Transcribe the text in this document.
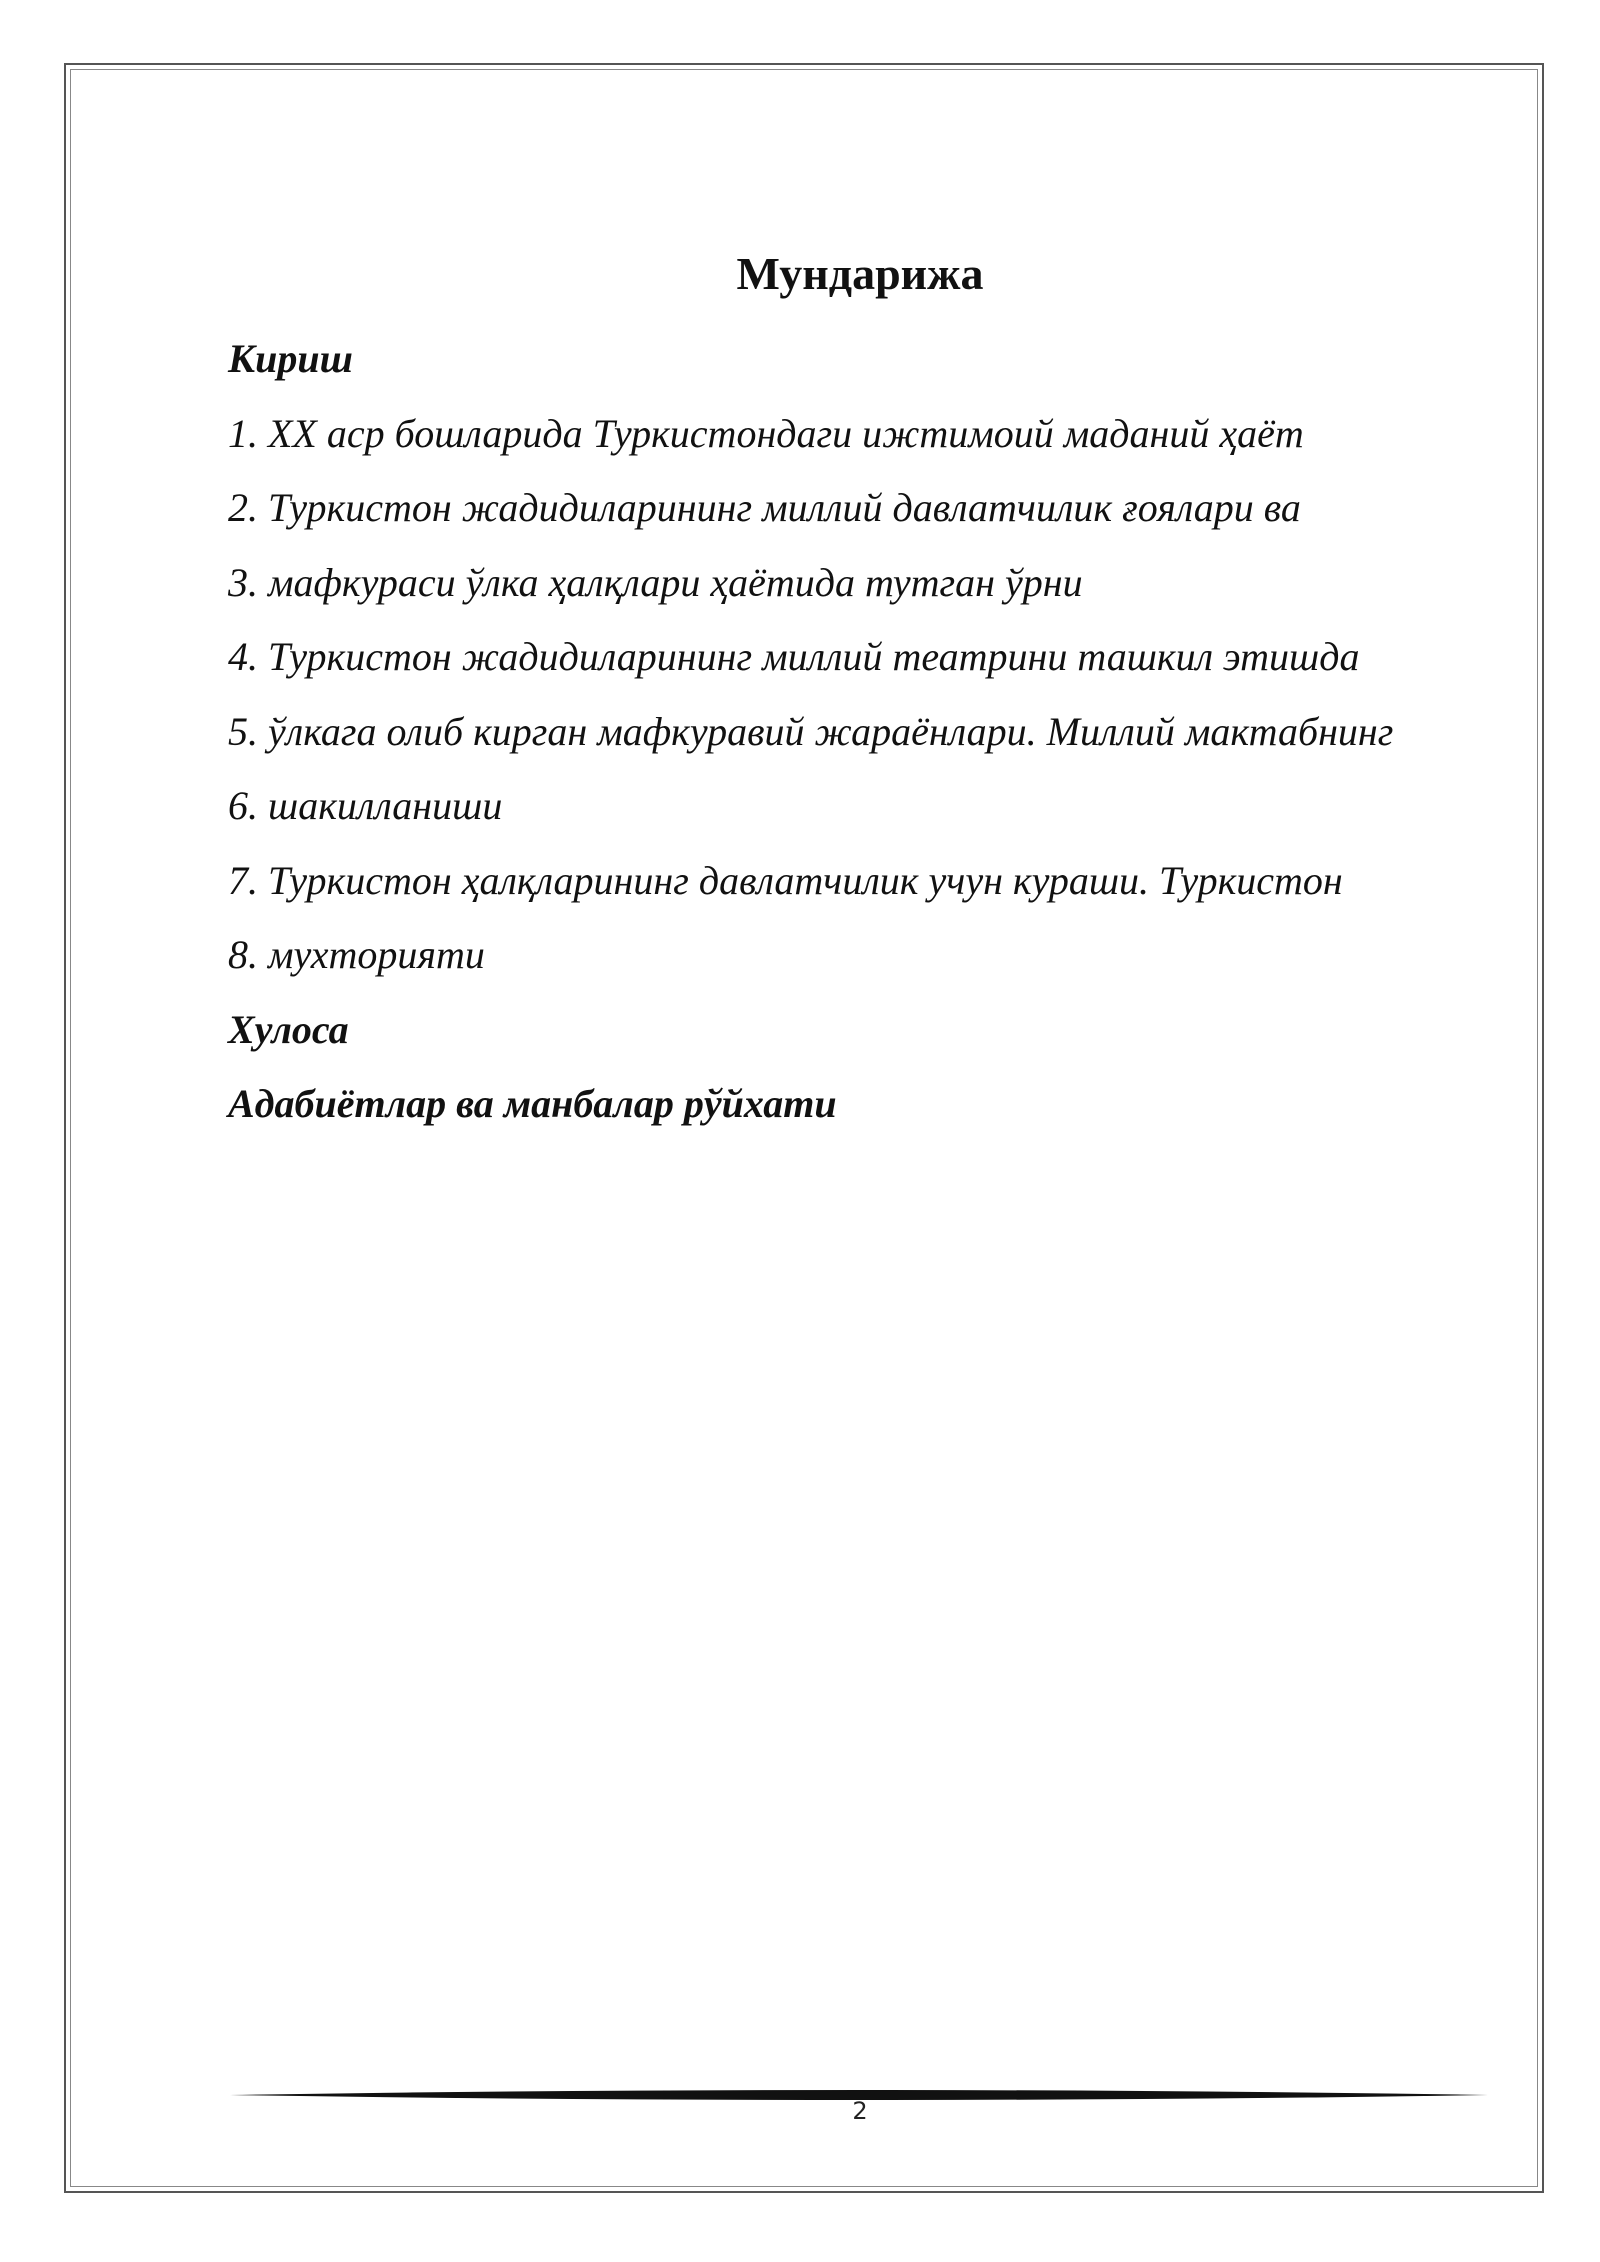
Мундарижа
Кириш
1. XX аср бошларида Туркистондаги ижтимоий маданий ҳаёт
2. Туркистон жадидиларининг миллий давлатчилик ғоялари ва
3. мафкураси ўлка ҳалқлари ҳаётида тутган ўрни
4. Туркистон жадидиларининг миллий театрини ташкил этишда
5. ўлкага олиб кирган мафкуравий жараёнлари. Миллий мактабнинг
6. шакилланиши
7. Туркистон ҳалқларининг давлатчилик учун кураши. Туркистон
8. мухторияти
Хулоса
Адабиётлар ва манбалар рўйхати
2
